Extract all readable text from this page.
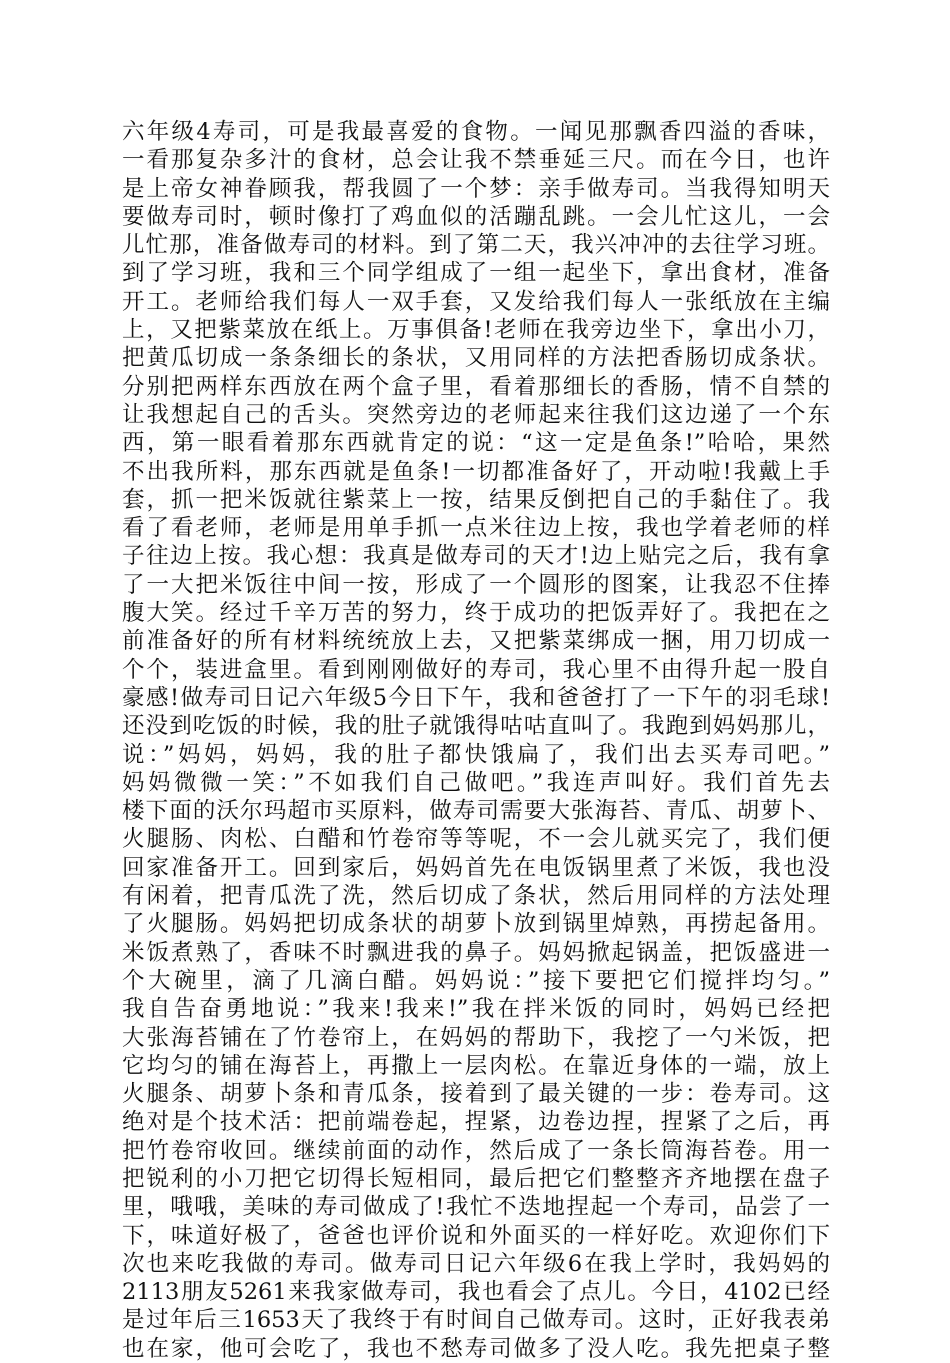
六年级4寿司，可是我最喜爱的食物。一闻见那飘香四溢的香味，
一看那复杂多汁的食材，总会让我不禁垂延三尺。而在今日，也许
是上帝女神眷顾我，帮我圆了一个梦：亲手做寿司。当我得知明天
要做寿司时，顿时像打了鸡血似的活蹦乱跳。一会儿忙这儿，一会
儿忙那，准备做寿司的材料。到了第二天，我兴冲冲的去往学习班。
到了学习班，我和三个同学组成了一组一起坐下，拿出食材，准备
开工。老师给我们每人一双手套，又发给我们每人一张纸放在主编
上，又把紫菜放在纸上。万事俱备!老师在我旁边坐下，拿出小刀，
把黄瓜切成一条条细长的条状，又用同样的方法把香肠切成条状。
分别把两样东西放在两个盒子里，看着那细长的香肠，情不自禁的
让我想起自己的舌头。突然旁边的老师起来往我们这边递了一个东
西，第一眼看着那东西就肯定的说：“这一定是鱼条!”哈哈，果然
不出我所料，那东西就是鱼条!一切都准备好了，开动啦!我戴上手
套，抓一把米饭就往紫菜上一按，结果反倒把自己的手黏住了。我
看了看老师，老师是用单手抓一点米往边上按，我也学着老师的样
子往边上按。我心想：我真是做寿司的天才!边上贴完之后，我有拿
了一大把米饭往中间一按，形成了一个圆形的图案，让我忍不住捧
腹大笑。经过千辛万苦的努力，终于成功的把饭弄好了。我把在之
前准备好的所有材料统统放上去，又把紫菜绑成一捆，用刀切成一
个个，装进盒里。看到刚刚做好的寿司，我心里不由得升起一股自
豪感!做寿司日记六年级5今日下午，我和爸爸打了一下午的羽毛球!
还没到吃饭的时候，我的肚子就饿得咕咕直叫了。我跑到妈妈那儿，
说：”妈妈，妈妈，我的肚子都快饿扁了，我们出去买寿司吧。”
妈妈微微一笑：”不如我们自己做吧。”我连声叫好。我们首先去
楼下面的沃尔玛超市买原料，做寿司需要大张海苔、青瓜、胡萝卜、
火腿肠、肉松、白醋和竹卷帘等等呢，不一会儿就买完了，我们便
回家准备开工。回到家后，妈妈首先在电饭锅里煮了米饭，我也没
有闲着，把青瓜洗了洗，然后切成了条状，然后用同样的方法处理
了火腿肠。妈妈把切成条状的胡萝卜放到锅里焯熟，再捞起备用。
米饭煮熟了，香味不时飘进我的鼻子。妈妈掀起锅盖，把饭盛进一
个大碗里，滴了几滴白醋。妈妈说：”接下要把它们搅拌均匀。”
我自告奋勇地说：”我来!我来!”我在拌米饭的同时，妈妈已经把
大张海苔铺在了竹卷帘上，在妈妈的帮助下，我挖了一勺米饭，把
它均匀的铺在海苔上，再撒上一层肉松。在靠近身体的一端，放上
火腿条、胡萝卜条和青瓜条，接着到了最关键的一步：卷寿司。这
绝对是个技术活：把前端卷起，捏紧，边卷边捏，捏紧了之后，再
把竹卷帘收回。继续前面的动作，然后成了一条长筒海苔卷。用一
把锐利的小刀把它切得长短相同，最后把它们整整齐齐地摆在盘子
里，哦哦，美味的寿司做成了!我忙不迭地捏起一个寿司，品尝了一
下，味道好极了，爸爸也评价说和外面买的一样好吃。欢迎你们下
次也来吃我做的寿司。做寿司日记六年级6在我上学时，我妈妈的
2113朋友5261来我家做寿司，我也看会了点儿。今日，4102已经
是过年后三1653天了我终于有时间自己做寿司。这时，正好我表弟
也在家，他可会吃了，我也不愁寿司做多了没人吃。我先把桌子整
